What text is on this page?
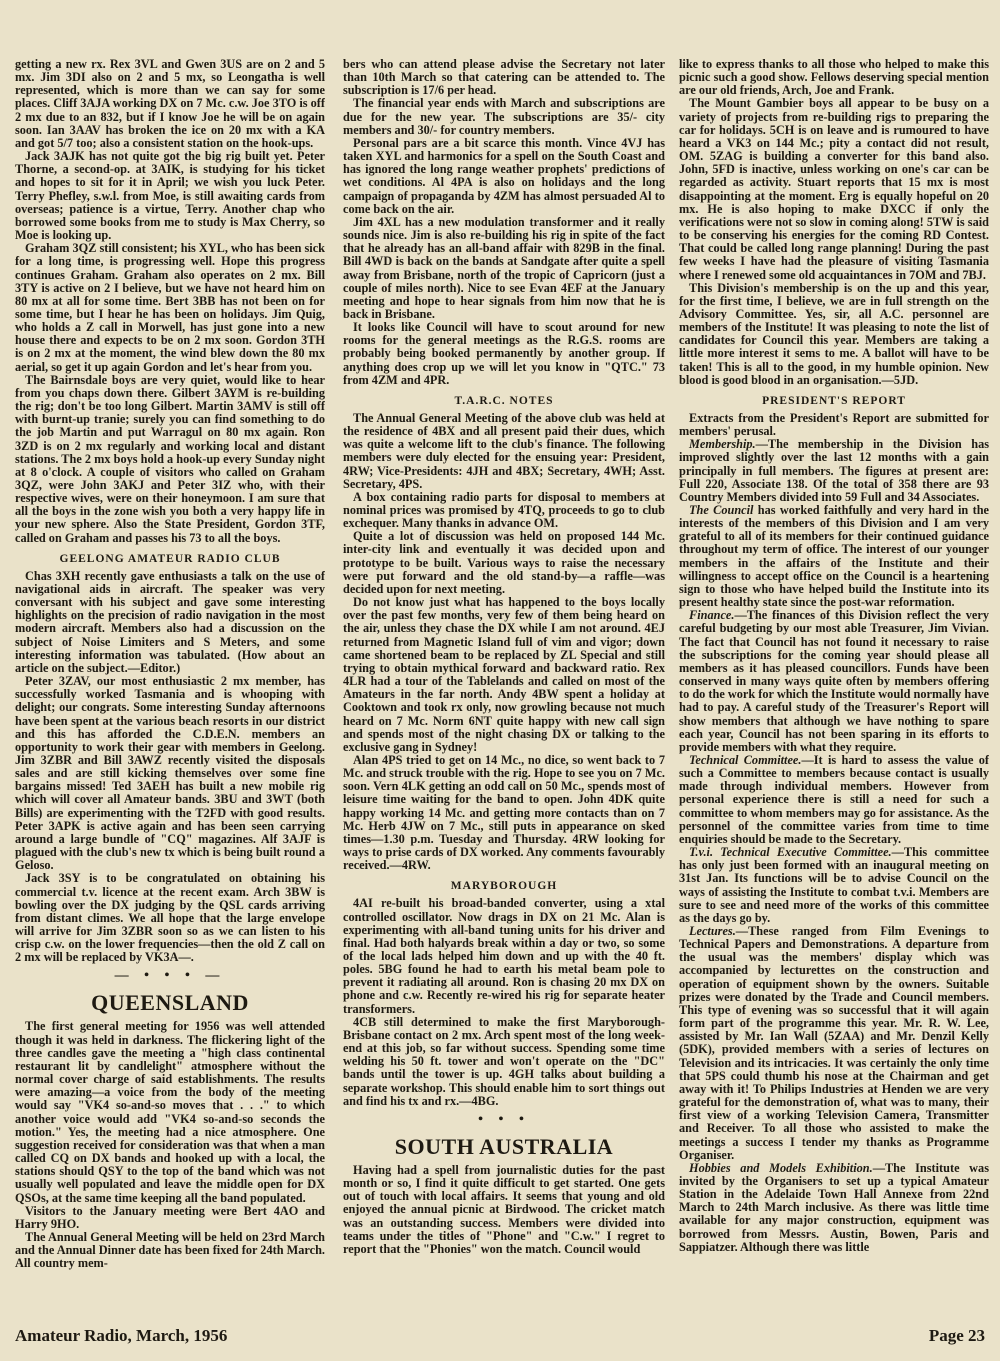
getting a new rx. Rex 3VL and Gwen 3US are on 2 and 5 mx. Jim 3DI also on 2 and 5 mx, so Leongatha is well represented, which is more than we can say for some places. Cliff 3AJA working DX on 7 Mc. c.w. Joe 3TO is off 2 mx due to an 832, but if I know Joe he will be on again soon. Ian 3AAV has broken the ice on 20 mx with a KA and got 5/7 too; also a consistent station on the hook-ups.

Jack 3AJK has not quite got the big rig built yet. Peter Thorne, a second-op. at 3AIK, is studying for his ticket and hopes to sit for it in April; we wish you luck Peter. Terry Phefley, s.w.l. from Moe, is still awaiting cards from overseas; patience is a virtue, Terry. Another chap who borrowed some books from me to study is Max Cherry, so Moe is looking up.

Graham 3QZ still consistent; his XYL, who has been sick for a long time, is progressing well. Hope this progress continues Graham. Graham also operates on 2 mx. Bill 3TY is active on 2 I believe, but we have not heard him on 80 mx at all for some time. Bert 3BB has not been on for some time, but I hear he has been on holidays. Jim Quig, who holds a Z call in Morwell, has just gone into a new house there and expects to be on 2 mx soon. Gordon 3TH is on 2 mx at the moment, the wind blew down the 80 mx aerial, so get it up again Gordon and let's hear from you.

The Bairnsdale boys are very quiet, would like to hear from you chaps down there. Gilbert 3AYM is re-building the rig; don't be too long Gilbert. Martin 3AMV is still off with burnt-up tranie; surely you can find something to do the job Martin and put Warragul on 80 mx again. Ron 3ZD is on 2 mx regularly and working local and distant stations. The 2 mx boys hold a hook-up every Sunday night at 8 o'clock. A couple of visitors who called on Graham 3QZ, were John 3AKJ and Peter 3IZ who, with their respective wives, were on their honeymoon. I am sure that all the boys in the zone wish you both a very happy life in your new sphere. Also the State President, Gordon 3TF, called on Graham and passes his 73 to all the boys.

GEELONG AMATEUR RADIO CLUB

Chas 3XH recently gave enthusiasts a talk on the use of navigational aids in aircraft. The speaker was very conversant with his subject and gave some interesting highlights on the precision of radio navigation in the most modern aircraft. Members also had a discussion on the subject of Noise Limiters and S Meters, and some interesting information was tabulated. (How about an article on the subject.—Editor.)

Peter 3ZAV, our most enthusiastic 2 mx member, has successfully worked Tasmania and is whooping with delight; our congrats. Some interesting Sunday afternoons have been spent at the various beach resorts in our district and this has afforded the C.D.E.N. members an opportunity to work their gear with members in Geelong. Jim 3ZBR and Bill 3AWZ recently visited the disposals sales and are still kicking themselves over some fine bargains missed! Ted 3AEH has built a new mobile rig which will cover all Amateur bands. 3BU and 3WT (both Bills) are experimenting with the T2FD with good results. Peter 3APK is active again and has been seen carrying around a large bundle of "CQ" magazines. Alf 3AJF is plagued with the club's new tx which is being built round a Geloso.

Jack 3SY is to be congratulated on obtaining his commercial t.v. licence at the recent exam. Arch 3BW is bowling over the DX judging by the QSL cards arriving from distant climes. We all hope that the large envelope will arrive for Jim 3ZBR soon so as we can listen to his crisp c.w. on the lower frequencies—then the old Z call on 2 mx will be replaced by VK3A—.

— • • • —
QUEENSLAND

The first general meeting for 1956 was well attended though it was held in darkness. The flickering light of the three candles gave the meeting a "high class continental restaurant lit by candlelight" atmosphere without the normal cover charge of said establishments. The results were amazing—a voice from the body of the meeting would say "VK4 so-and-so moves that . . ." to which another voice would add "VK4 so-and-so seconds the motion." Yes, the meeting had a nice atmosphere. One suggestion received for consideration was that when a man called CQ on DX bands and hooked up with a local, the stations should QSY to the top of the band which was not usually well populated and leave the middle open for DX QSOs, at the same time keeping all the band populated.

Visitors to the January meeting were Bert 4AO and Harry 9HO.

The Annual General Meeting will be held on 23rd March and the Annual Dinner date has been fixed for 24th March. All country mem-

bers who can attend please advise the Secretary not later than 10th March so that catering can be attended to. The subscription is 17/6 per head.

The financial year ends with March and subscriptions are due for the new year. The subscriptions are 35/- city members and 30/- for country members.

Personal pars are a bit scarce this month. Vince 4VJ has taken XYL and harmonics for a spell on the South Coast and has ignored the long range weather prophets' predictions of wet conditions. Al 4PA is also on holidays and the long campaign of propaganda by 4ZM has almost persuaded Al to come back on the air.

Jim 4XL has a new modulation transformer and it really sounds nice. Jim is also re-building his rig in spite of the fact that he already has an all-band affair with 829B in the final. Bill 4WD is back on the bands at Sandgate after quite a spell away from Brisbane, north of the tropic of Capricorn (just a couple of miles north). Nice to see Evan 4EF at the January meeting and hope to hear signals from him now that he is back in Brisbane.

It looks like Council will have to scout around for new rooms for the general meetings as the R.G.S. rooms are probably being booked permanently by another group. If anything does crop up we will let you know in "QTC." 73 from 4ZM and 4PR.

T.A.R.C. NOTES

The Annual General Meeting of the above club was held at the residence of 4BX and all present paid their dues, which was quite a welcome lift to the club's finance. The following members were duly elected for the ensuing year: President, 4RW; Vice-Presidents: 4JH and 4BX; Secretary, 4WH; Asst. Secretary, 4PS.

A box containing radio parts for disposal to members at nominal prices was promised by 4TQ, proceeds to go to club exchequer. Many thanks in advance OM.

Quite a lot of discussion was held on proposed 144 Mc. inter-city link and eventually it was decided upon and prototype to be built. Various ways to raise the necessary were put forward and the old stand-by—a raffle—was decided upon for next meeting.

Do not know just what has happened to the boys locally over the past few months, very few of them being heard on the air, unless they chase the DX while I am not around. 4EJ returned from Magnetic Island full of vim and vigor; down came shortened beam to be replaced by ZL Special and still trying to obtain mythical forward and backward ratio. Rex 4LR had a tour of the Tablelands and called on most of the Amateurs in the far north. Andy 4BW spent a holiday at Cooktown and took rx only, now growling because not much heard on 7 Mc. Norm 6NT quite happy with new call sign and spends most of the night chasing DX or talking to the exclusive gang in Sydney!

Alan 4PS tried to get on 14 Mc., no dice, so went back to 7 Mc. and struck trouble with the rig. Hope to see you on 7 Mc. soon. Vern 4LK getting an odd call on 50 Mc., spends most of leisure time waiting for the band to open. John 4DK quite happy working 14 Mc. and getting more contacts than on 7 Mc. Herb 4JW on 7 Mc., still puts in appearance on sked times—1.30 p.m. Tuesday and Thursday. 4RW looking for ways to prise cards of DX worked. Any comments favourably received.—4RW.

MARYBOROUGH

4AI re-built his broad-banded converter, using a xtal controlled oscillator. Now drags in DX on 21 Mc. Alan is experimenting with all-band tuning units for his driver and final. Had both halyards break within a day or two, so some of the local lads helped him down and up with the 40 ft. poles. 5BG found he had to earth his metal beam pole to prevent it radiating all around. Ron is chasing 20 mx DX on phone and c.w. Recently re-wired his rig for separate heater transformers.

4CB still determined to make the first Maryborough-Brisbane contact on 2 mx. Arch spent most of the long week-end at this job, so far without success. Spending some time welding his 50 ft. tower and won't operate on the "DC" bands until the tower is up. 4GH talks about building a separate workshop. This should enable him to sort things out and find his tx and rx.—4BG.

• • •
SOUTH AUSTRALIA

Having had a spell from journalistic duties for the past month or so, I find it quite difficult to get started. One gets out of touch with local affairs. It seems that young and old enjoyed the annual picnic at Birdwood. The cricket match was an outstanding success. Members were divided into teams under the titles of "Phone" and "C.w." I regret to report that the "Phonies" won the match. Council would

like to express thanks to all those who helped to make this picnic such a good show. Fellows deserving special mention are our old friends, Arch, Joe and Frank.

The Mount Gambier boys all appear to be busy on a variety of projects from re-building rigs to preparing the car for holidays. 5CH is on leave and is rumoured to have heard a VK3 on 144 Mc.; pity a contact did not result, OM. 5ZAG is building a converter for this band also. John, 5FD is inactive, unless working on one's car can be regarded as activity. Stuart reports that 15 mx is most disappointing at the moment. Erg is equally hopeful on 20 mx. He is also hoping to make DXCC if only the verifications were not so slow in coming along! 5TW is said to be conserving his energies for the coming RD Contest. That could be called long range planning! During the past few weeks I have had the pleasure of visiting Tasmania where I renewed some old acquaintances in 7OM and 7BJ.

This Division's membership is on the up and this year, for the first time, I believe, we are in full strength on the Advisory Committee. Yes, sir, all A.C. personnel are members of the Institute! It was pleasing to note the list of candidates for Council this year. Members are taking a little more interest it sems to me. A ballot will have to be taken! This is all to the good, in my humble opinion. New blood is good blood in an organisation.—5JD.

PRESIDENT'S REPORT

Extracts from the President's Report are submitted for members' perusal.

Membership.—The membership in the Division has improved slightly over the last 12 months with a gain principally in full members. The figures at present are: Full 220, Associate 138. Of the total of 358 there are 93 Country Members divided into 59 Full and 34 Associates.

The Council has worked faithfully and very hard in the interests of the members of this Division and I am very grateful to all of its members for their continued guidance throughout my term of office. The interest of our younger members in the affairs of the Institute and their willingness to accept office on the Council is a heartening sign to those who have helped build the Institute into its present healthy state since the post-war reformation.

Finance.—The finances of this Division reflect the very careful budgeting by our most able Treasurer, Jim Vivian. The fact that Council has not found it necessary to raise the subscriptions for the coming year should please all members as it has pleased councillors. Funds have been conserved in many ways quite often by members offering to do the work for which the Institute would normally have had to pay. A careful study of the Treasurer's Report will show members that although we have nothing to spare each year, Council has not been sparing in its efforts to provide members with what they require.

Technical Committee.—It is hard to assess the value of such a Committee to members because contact is usually made through individual members. However from personal experience there is still a need for such a committee to whom members may go for assistance. As the personnel of the committee varies from time to time enquiries should be made to the Secretary.

T.v.i. Technical Executive Committee.—This committee has only just been formed with an inaugural meeting on 31st Jan. Its functions will be to advise Council on the ways of assisting the Institute to combat t.v.i. Members are sure to see and need more of the works of this committee as the days go by.

Lectures.—These ranged from Film Evenings to Technical Papers and Demonstrations. A departure from the usual was the members' display which was accompanied by lecturettes on the construction and operation of equipment shown by the owners. Suitable prizes were donated by the Trade and Council members. This type of evening was so successful that it will again form part of the programme this year. Mr. R. W. Lee, assisted by Mr. Ian Wall (5ZAA) and Mr. Denzil Kelly (5DK), provided members with a series of lectures on Television and its intricacies. It was certainly the only time that 5PS could thumb his nose at the Chairman and get away with it! To Philips Industries at Henden we are very grateful for the demonstration of, what was to many, their first view of a working Television Camera, Transmitter and Receiver. To all those who assisted to make the meetings a success I tender my thanks as Programme Organiser.

Hobbies and Models Exhibition.—The Institute was invited by the Organisers to set up a typical Amateur Station in the Adelaide Town Hall Annexe from 22nd March to 24th March inclusive. As there was little time available for any major construction, equipment was borrowed from Messrs. Austin, Bowen, Paris and Sappiatzer. Although there was little

Amateur Radio, March, 1956	Page 23
